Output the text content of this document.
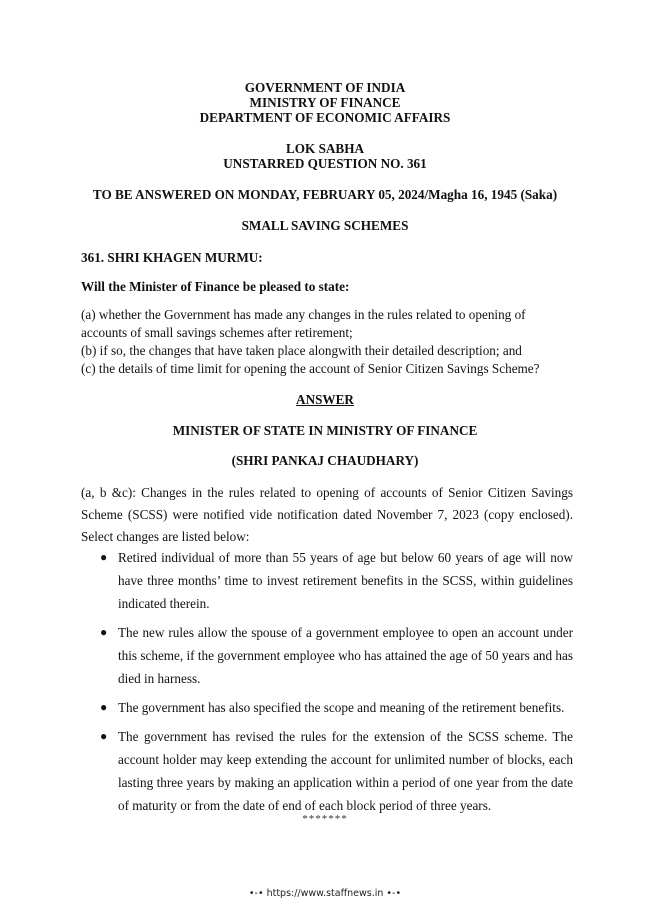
GOVERNMENT OF INDIA

MINISTRY OF FINANCE

DEPARTMENT OF ECONOMIC AFFAIRS

LOK SABHA

UNSTARRED QUESTION NO. 361

TO BE ANSWERED ON MONDAY, FEBRUARY 05, 2024/Magha 16, 1945 (Saka)

SMALL SAVING SCHEMES

361. SHRI KHAGEN MURMU:

Will the Minister of Finance be pleased to state:

(a) whether the Government has made any changes in the rules related to opening of accounts of small savings schemes after retirement;
(b) if so, the changes that have taken place alongwith their detailed description; and
(c) the details of time limit for opening the account of Senior Citizen Savings Scheme?

ANSWER

MINISTER OF STATE IN MINISTRY OF FINANCE

(SHRI PANKAJ CHAUDHARY)

(a, b &c): Changes in the rules related to opening of accounts of Senior Citizen Savings Scheme (SCSS) were notified vide notification dated November 7, 2023 (copy enclosed). Select changes are listed below:

● Retired individual of more than 55 years of age but below 60 years of age will now have three months’ time to invest retirement benefits in the SCSS, within guidelines indicated therein.
● The new rules allow the spouse of a government employee to open an account under this scheme, if the government employee who has attained the age of 50 years and has died in harness.
● The government has also specified the scope and meaning of the retirement benefits.
● The government has revised the rules for the extension of the SCSS scheme. The account holder may keep extending the account for unlimited number of blocks, each lasting three years by making an application within a period of one year from the date of maturity or from the date of end of each block period of three years.
*******
•-• https://www.staffnews.in •-•
